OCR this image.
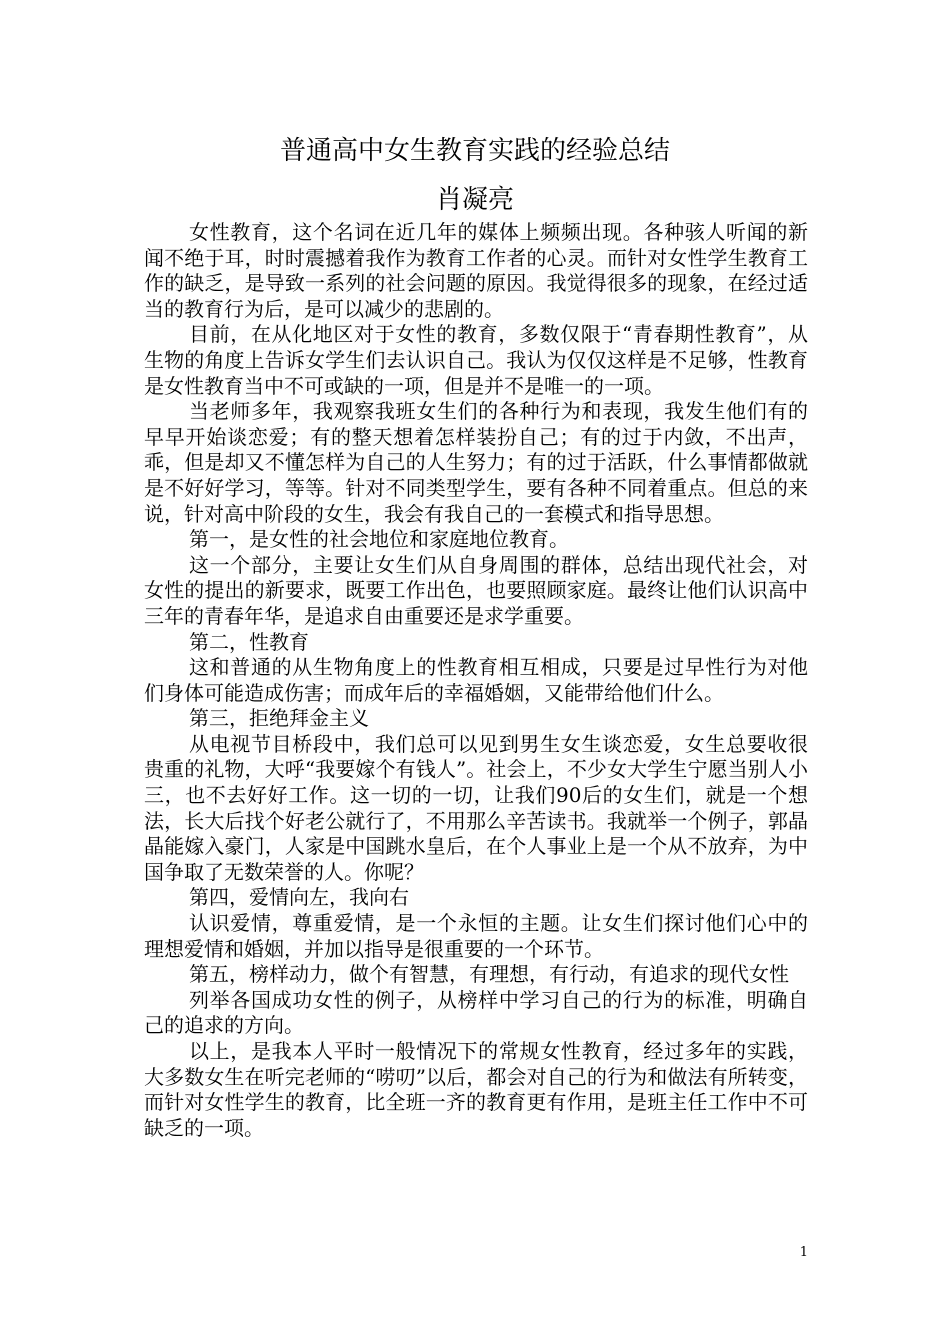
普通高中女生教育实践的经验总结
肖凝亮

女性教育，这个名词在近几年的媒体上频频出现。各种骇人听闻的新闻不绝于耳，时时震撼着我作为教育工作者的心灵。而针对女性学生教育工作的缺乏，是导致一系列的社会问题的原因。我觉得很多的现象，在经过适当的教育行为后，是可以减少的悲剧的。

目前，在从化地区对于女性的教育，多数仅限于“青春期性教育”，从生物的角度上告诉女学生们去认识自己。我认为仅仅这样是不足够，性教育是女性教育当中不可或缺的一项，但是并不是唯一的一项。

当老师多年，我观察我班女生们的各种行为和表现，我发生他们有的早早开始谈恋爱；有的整天想着怎样装扮自己；有的过于内敛，不出声，乖，但是却又不懂怎样为自己的人生努力；有的过于活跃，什么事情都做就是不好好学习，等等。针对不同类型学生，要有各种不同着重点。但总的来说，针对高中阶段的女生，我会有我自己的一套模式和指导思想。

第一，是女性的社会地位和家庭地位教育。

这一个部分，主要让女生们从自身周围的群体，总结出现代社会，对女性的提出的新要求，既要工作出色，也要照顾家庭。最终让他们认识高中三年的青春年华，是追求自由重要还是求学重要。

第二，性教育

这和普通的从生物角度上的性教育相互相成，只要是过早性行为对他们身体可能造成伤害；而成年后的幸福婚姻，又能带给他们什么。

第三，拒绝拜金主义

从电视节目桥段中，我们总可以见到男生女生谈恋爱，女生总要收很贵重的礼物，大呼“我要嫁个有钱人”。社会上，不少女大学生宁愿当别人小三，也不去好好工作。这一切的一切，让我们90后的女生们，就是一个想法，长大后找个好老公就行了，不用那么辛苦读书。我就举一个例子，郭晶晶能嫁入豪门，人家是中国跳水皇后，在个人事业上是一个从不放弃，为中国争取了无数荣誉的人。你呢？

第四，爱情向左，我向右

认识爱情，尊重爱情，是一个永恒的主题。让女生们探讨他们心中的理想爱情和婚姻，并加以指导是很重要的一个环节。

第五，榜样动力，做个有智慧，有理想，有行动，有追求的现代女性

列举各国成功女性的例子，从榜样中学习自己的行为的标准，明确自己的追求的方向。

以上，是我本人平时一般情况下的常规女性教育，经过多年的实践，大多数女生在听完老师的“唠叨”以后，都会对自己的行为和做法有所转变，而针对女性学生的教育，比全班一齐的教育更有作用，是班主任工作中不可缺乏的一项。

1
